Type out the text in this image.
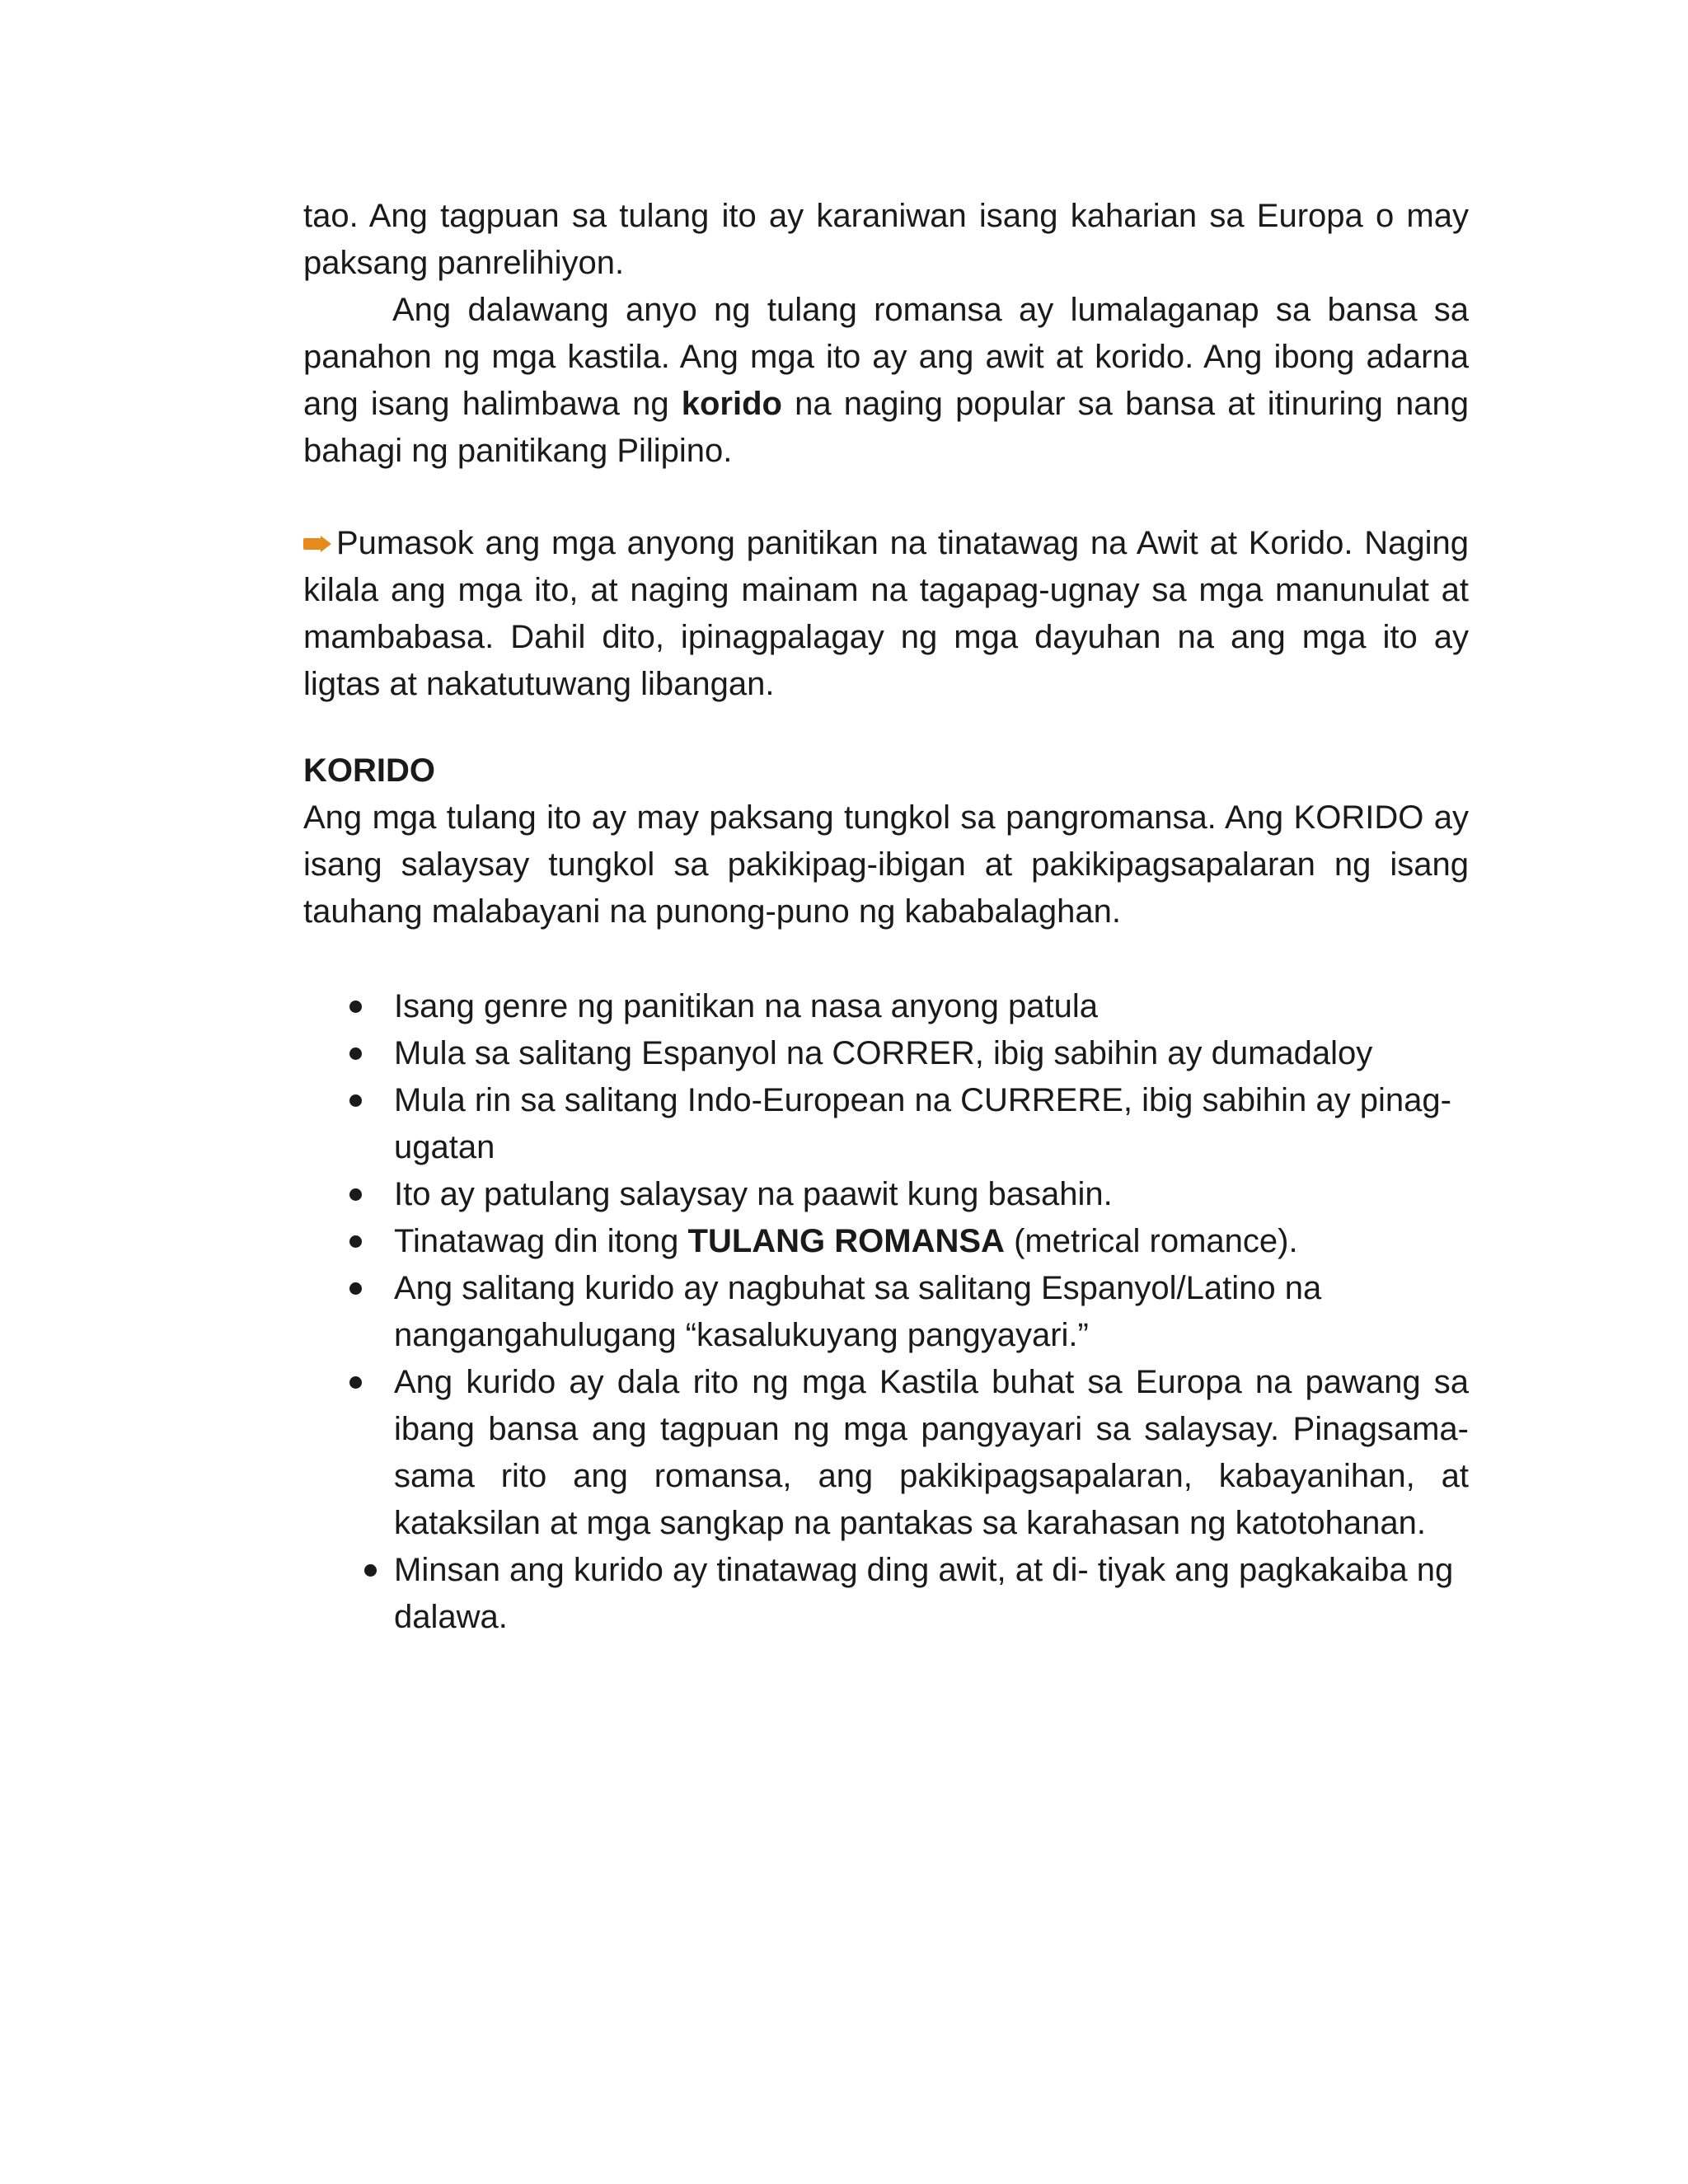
tao. Ang tagpuan sa tulang ito ay karaniwan isang kaharian sa Europa o may paksang panrelihiyon.

Ang dalawang anyo ng tulang romansa ay lumalaganap sa bansa sa panahon ng mga kastila. Ang mga ito ay ang awit at korido. Ang ibong adarna ang isang halimbawa ng korido na naging popular sa bansa at itinuring nang bahagi ng panitikang Pilipino.

Pumasok ang mga anyong panitikan na tinatawag na Awit at Korido. Naging kilala ang mga ito, at naging mainam na tagapag-ugnay sa mga manunulat at mambabasa. Dahil dito, ipinagpalagay ng mga dayuhan na ang mga ito ay ligtas at nakatutuwang libangan.

KORIDO

Ang mga tulang ito ay may paksang tungkol sa pangromansa. Ang KORIDO ay isang salaysay tungkol sa pakikipag-ibigan at pakikipagsapalaran ng isang tauhang malabayani na punong-puno ng kababalaghan.

Isang genre ng panitikan na nasa anyong patula
Mula sa salitang Espanyol na CORRER, ibig sabihin ay dumadaloy
Mula rin sa salitang Indo-European na CURRERE, ibig sabihin ay pinag-ugatan
Ito ay patulang salaysay na paawit kung basahin.
Tinatawag din itong TULANG ROMANSA (metrical romance).
Ang salitang kurido ay nagbuhat sa salitang Espanyol/Latino na nangangahulugang “kasalukuyang pangyayari.”
Ang kurido ay dala rito ng mga Kastila buhat sa Europa na pawang sa ibang bansa ang tagpuan ng mga pangyayari sa salaysay. Pinagsama-sama rito ang romansa, ang pakikipagsapalaran, kabayanihan, at kataksilan at mga sangkap na pantakas sa karahasan ng katotohanan.
Minsan ang kurido ay tinatawag ding awit, at di- tiyak ang pagkakaiba ng dalawa.
